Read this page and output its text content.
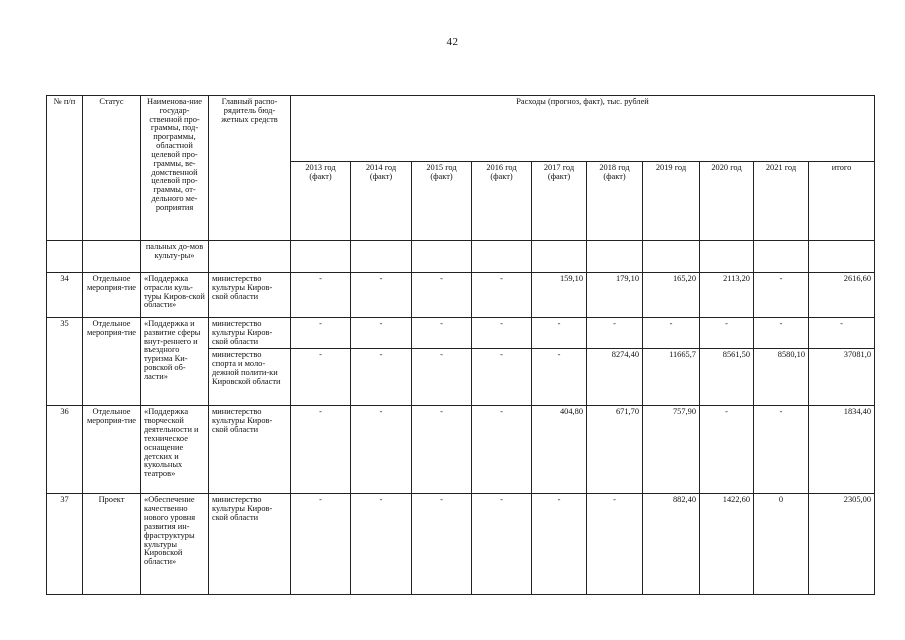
42
№ п/п	Статус	Наименова-ние государ-ственной про-граммы, под-программы, областной целевой про-граммы, ве-домственной целевой про-граммы, от-дельного ме-роприятия	Главный распо-рядитель бюд-жетных средств	Расходы (прогноз, факт), тыс. рублей									
				2013 год (факт)	2014 год (факт)	2015 год (факт)	2016 год (факт)	2017 год (факт)	2018 год (факт)	2019 год	2020 год	2021 год	итого
		пальных до-мов культу-ры»											
34	Отдельное мероприя-тие	«Поддержка отрасли куль-туры Киров-ской области»	министерство культуры Киров-ской области	-	-	-	-	159,10	179,10	165,20	2113,20	-	2616,60
35	Отдельное мероприя-тие	«Поддержка и развитие сферы внут-реннего и въездного туризма Ки-ровской об-ласти»	министерство культуры Киров-ской области	-	-	-	-	-	-	-	-	-	-
			министерство спорта и моло-дежной полити-ки Кировской области	-	-	-	-	-	8274,40	11665,7	8561,50	8580,10	37081,0
36	Отдельное мероприя-тие	«Поддержка творческой деятельности и техническое оснащение детских и кукольных театров»	министерство культуры Киров-ской области	-	-	-	-	404,80	671,70	757,90	-	-	1834,40
37	Проект	«Обеспечение качественно нового уровня развития ин-фраструктуры культуры Кировской области»	министерство культуры Киров-ской области	-	-	-	-	-	-	882,40	1422,60	0	2305,00
